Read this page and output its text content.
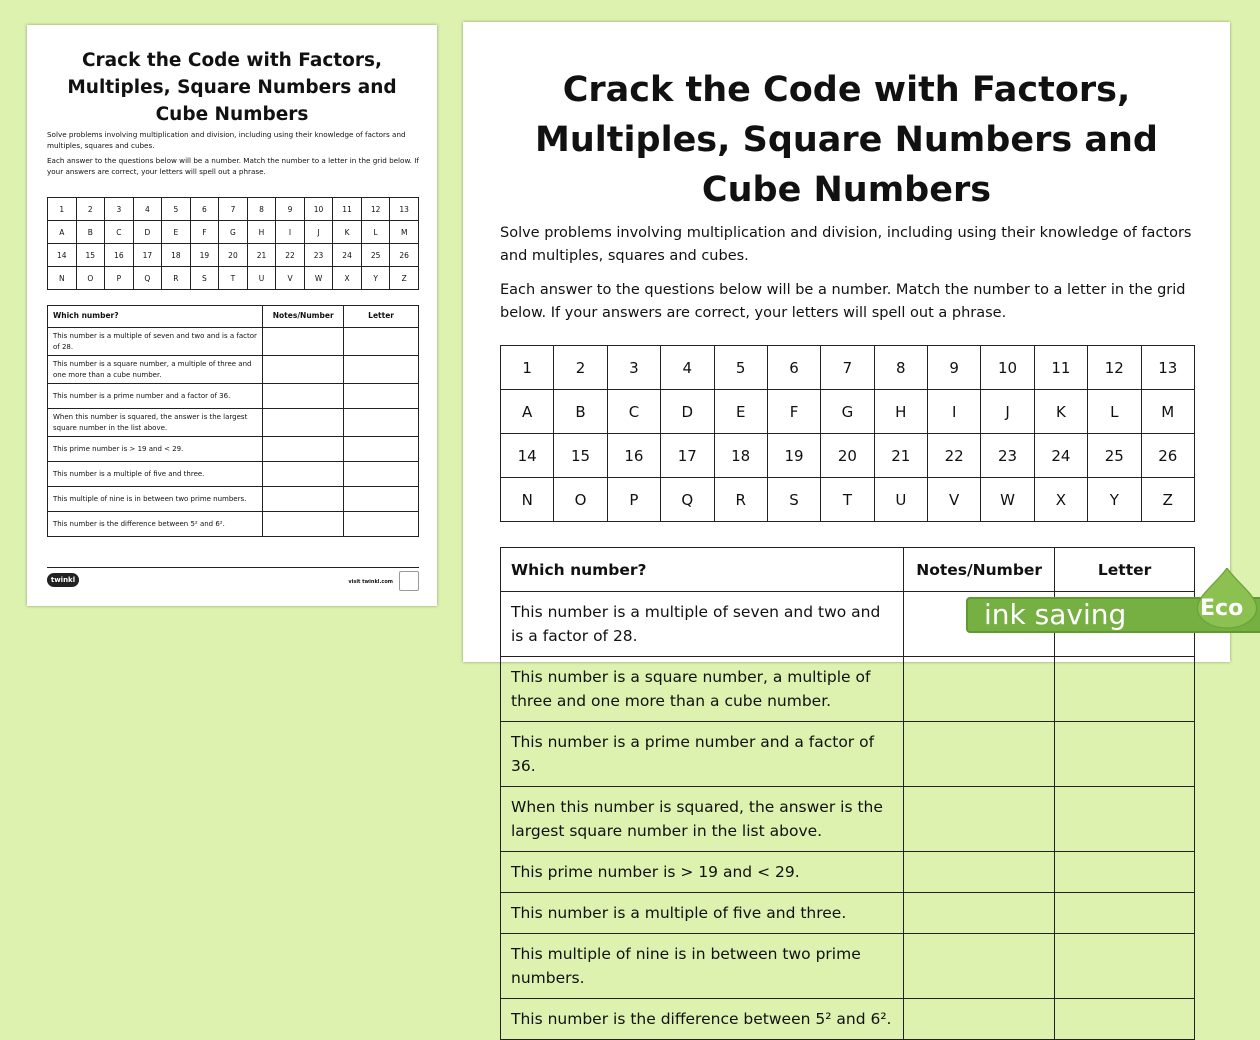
Crack the Code with Factors, Multiples, Square Numbers and Cube Numbers
Solve problems involving multiplication and division, including using their knowledge of factors and multiples, squares and cubes.
Each answer to the questions below will be a number. Match the number to a letter in the grid below. If your answers are correct, your letters will spell out a phrase.
1	2	3	4	5	6	7	8	9	10	11	12	13
A	B	C	D	E	F	G	H	I	J	K	L	M
14	15	16	17	18	19	20	21	22	23	24	25	26
N	O	P	Q	R	S	T	U	V	W	X	Y	Z
Which number?	Notes/Number	Letter
This number is a multiple of seven and two and is a factor of 28.		
This number is a square number, a multiple of three and one more than a cube number.		
This number is a prime number and a factor of 36.		
When this number is squared, the answer is the largest square number in the list above.		
This prime number is > 19 and < 29.		
This number is a multiple of five and three.		
This multiple of nine is in between two prime numbers.		
This number is the difference between 5² and 6².		
twinkl	visit twinkl.com
Crack the Code with Factors, Multiples, Square Numbers and Cube Numbers
Solve problems involving multiplication and division, including using their knowledge of factors and multiples, squares and cubes.
Each answer to the questions below will be a number. Match the number to a letter in the grid below. If your answers are correct, your letters will spell out a phrase.
1	2	3	4	5	6	7	8	9	10	11	12	13
A	B	C	D	E	F	G	H	I	J	K	L	M
14	15	16	17	18	19	20	21	22	23	24	25	26
N	O	P	Q	R	S	T	U	V	W	X	Y	Z
Which number?	Notes/Number	Letter
This number is a multiple of seven and two and is a factor of 28.		
This number is a square number, a multiple of three and one more than a cube number.		
This number is a prime number and a factor of 36.		
When this number is squared, the answer is the largest square number in the list above.		
This prime number is > 19 and < 29.		
This number is a multiple of five and three.		
This multiple of nine is in between two prime numbers.		
This number is the difference between 5² and 6².		
ink saving	Eco
